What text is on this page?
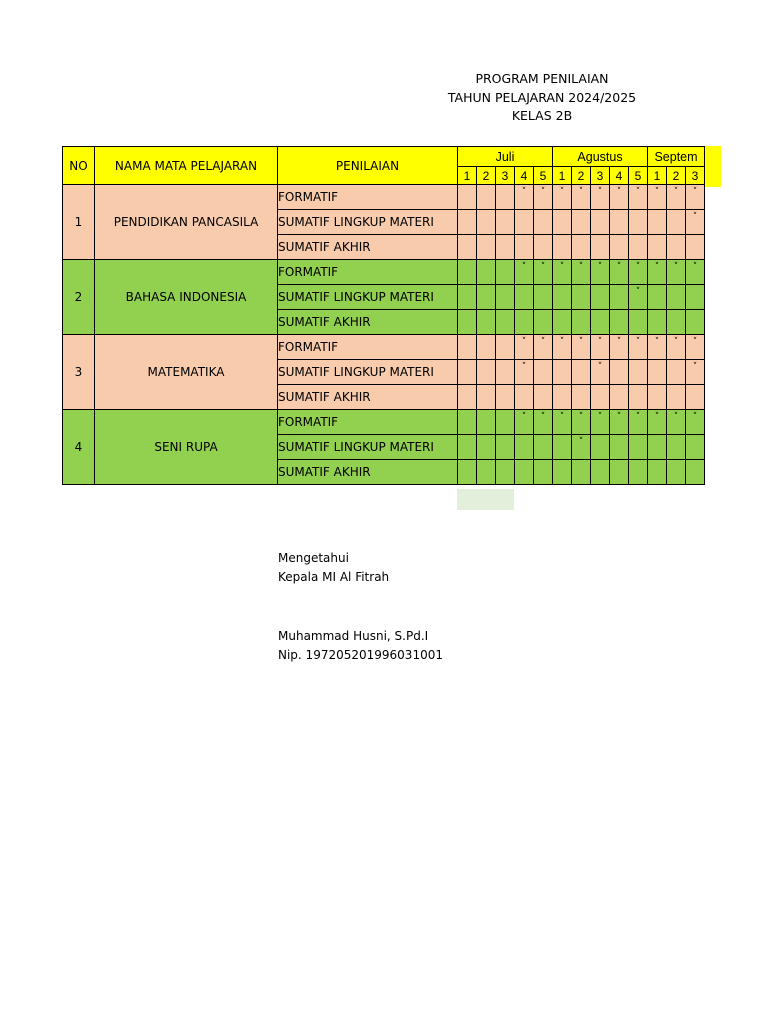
PROGRAM PENILAIAN
TAHUN PELAJARAN 2024/2025
KELAS 2B
NO	NAMA MATA PELAJARAN	PENILAIAN	Juli					Agustus					Septem		
			1	2	3	4	5	1	2	3	4	5	1	2	3
1	PENDIDIKAN PANCASILA	FORMATIF				˅	˅	˅	˅	˅	˅	˅	˅	˅	˅
		SUMATIF LINGKUP MATERI													˅
		SUMATIF AKHIR													
2	BAHASA INDONESIA	FORMATIF				˅	˅	˅	˅	˅	˅	˅	˅	˅	˅
		SUMATIF LINGKUP MATERI										˅			
		SUMATIF AKHIR													
3	MATEMATIKA	FORMATIF				˅	˅	˅	˅	˅	˅	˅	˅	˅	˅
		SUMATIF LINGKUP MATERI				˅				˅					˅
		SUMATIF AKHIR													
4	SENI RUPA	FORMATIF				˅	˅	˅	˅	˅	˅	˅	˅	˅	˅
		SUMATIF LINGKUP MATERI							˅						
		SUMATIF AKHIR													
Mengetahui
Kepala MI Al Fitrah
Muhammad Husni, S.Pd.I
Nip. 197205201996031001
